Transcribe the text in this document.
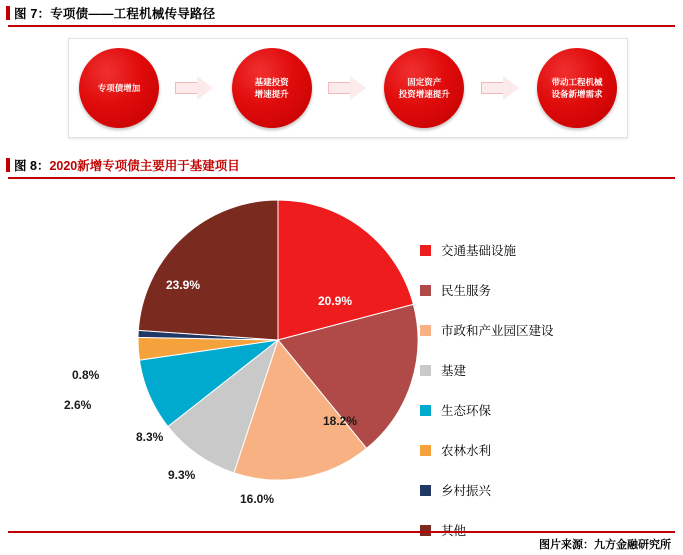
图 7：专项债——工程机械传导路径
专项债增加
基建投资
增速提升
固定资产
投资增速提升
带动工程机械
设备新增需求
图 8：2020新增专项债主要用于基建项目
20.9%
18.2%
16.0%
9.3%
8.3%
2.6%
0.8%
23.9%
交通基础设施
民生服务
市政和产业园区建设
基建
生态环保
农林水利
乡村振兴
图片来源：九方金融研究所
